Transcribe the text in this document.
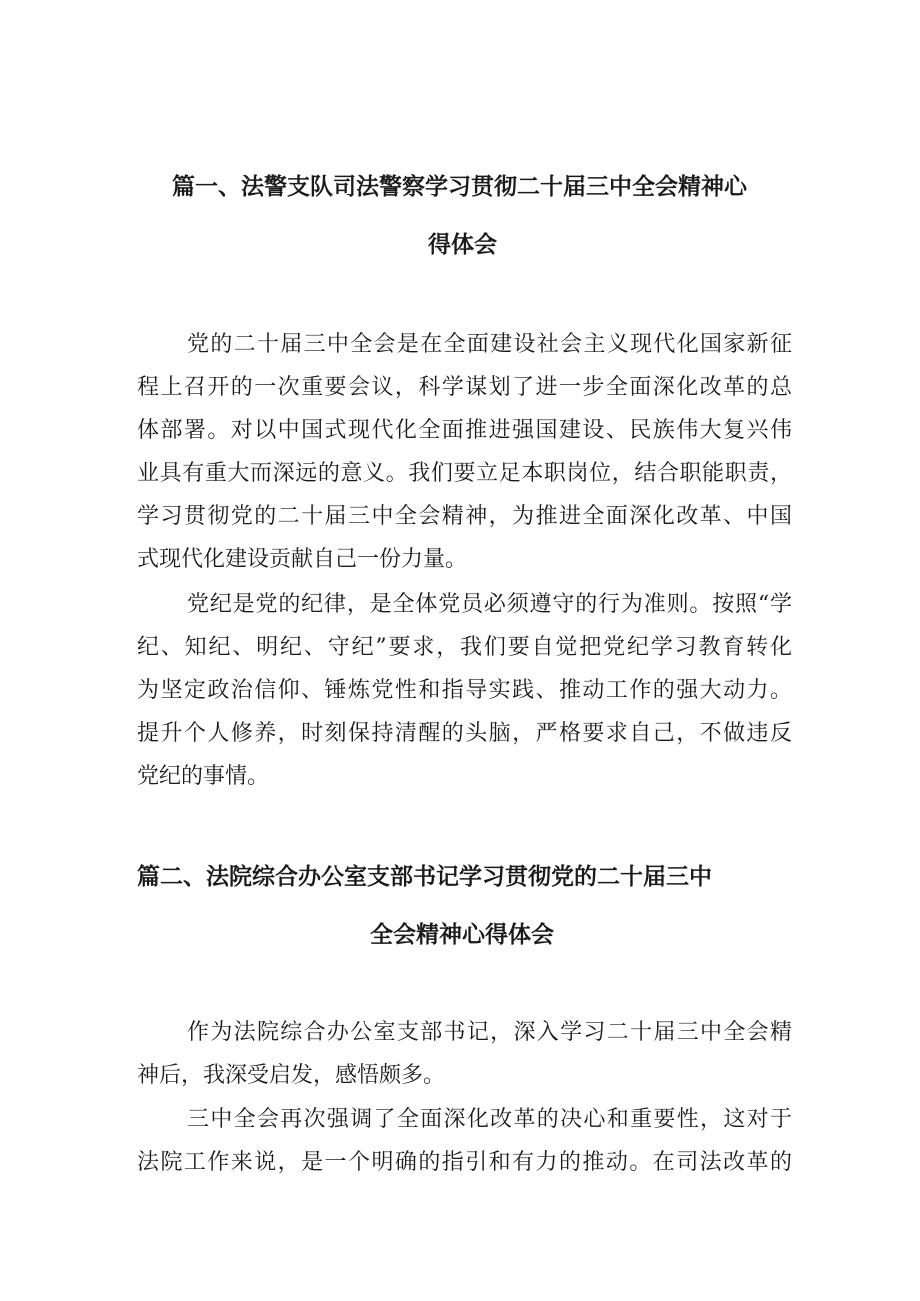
篇一、法警支队司法警察学习贯彻二十届三中全会精神心
得体会
党的二十届三中全会是在全面建设社会主义现代化国家新征
程上召开的一次重要会议，科学谋划了进一步全面深化改革的总
体部署。对以中国式现代化全面推进强国建设、民族伟大复兴伟
业具有重大而深远的意义。我们要立足本职岗位，结合职能职责，
学习贯彻党的二十届三中全会精神，为推进全面深化改革、中国
式现代化建设贡献自己一份力量。
党纪是党的纪律，是全体党员必须遵守的行为准则。按照“学
纪、知纪、明纪、守纪”要求，我们要自觉把党纪学习教育转化
为坚定政治信仰、锤炼党性和指导实践、推动工作的强大动力。
提升个人修养，时刻保持清醒的头脑，严格要求自己，不做违反
党纪的事情。
篇二、法院综合办公室支部书记学习贯彻党的二十届三中
全会精神心得体会
作为法院综合办公室支部书记，深入学习二十届三中全会精
神后，我深受启发，感悟颇多。
三中全会再次强调了全面深化改革的决心和重要性，这对于
法院工作来说，是一个明确的指引和有力的推动。在司法改革的
